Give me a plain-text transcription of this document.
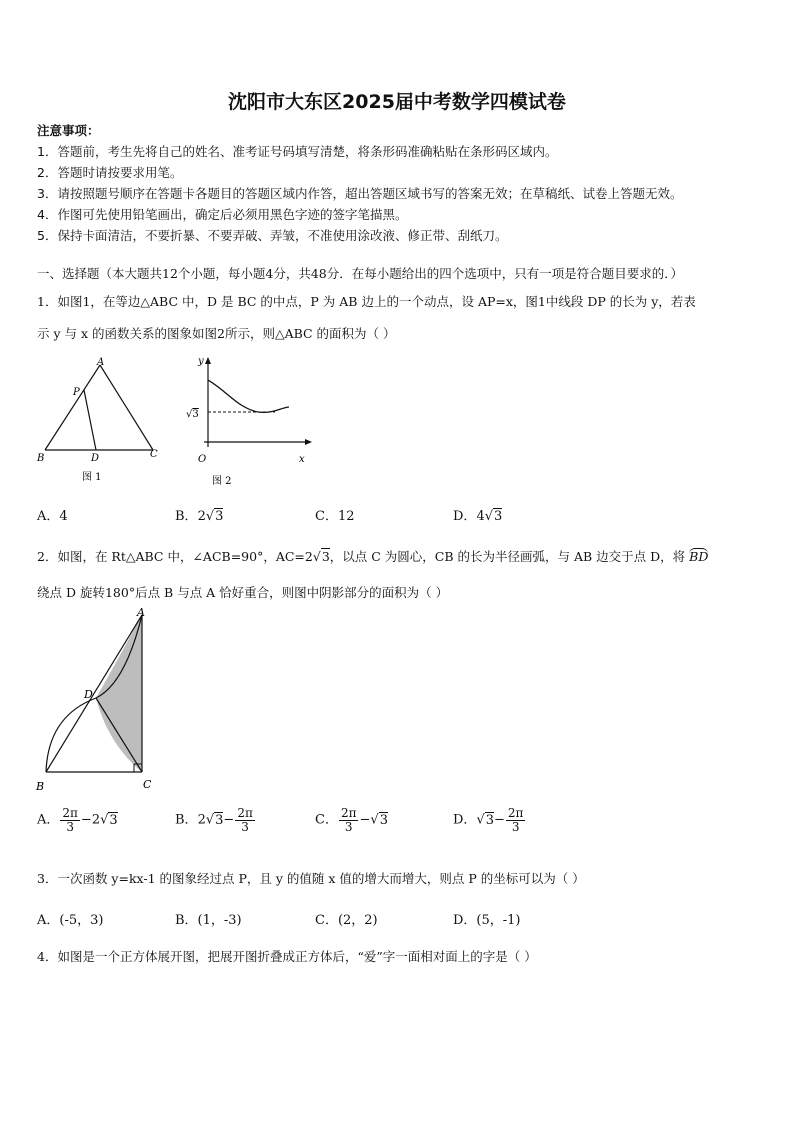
沈阳市大东区2025届中考数学四模试卷
注意事项：
1．答题前，考生先将自己的姓名、准考证号码填写清楚，将条形码准确粘贴在条形码区域内。
2．答题时请按要求用笔。
3．请按照题号顺序在答题卡各题目的答题区域内作答，超出答题区域书写的答案无效；在草稿纸、试卷上答题无效。
4．作图可先使用铅笔画出，确定后必须用黑色字迹的签字笔描黑。
5．保持卡面清洁，不要折暴、不要弄破、弄皱，不准使用涂改液、修正带、刮纸刀。
一、选择题（本大题共12个小题，每小题4分，共48分．在每小题给出的四个选项中，只有一项是符合题目要求的．）
1．如图1，在等边△ABC 中，D 是 BC 的中点，P 为 AB 边上的一个动点，设 AP=x，图1中线段 DP 的长为 y，若表
示 y 与 x 的函数关系的图象如图2所示，则△ABC 的面积为（ ）
A
P
B	D	C
图 1
y
√3
O	x
图 2
A．4	B．2√3	C．12	D．4√3
2．如图，在 Rt△ABC 中，∠ACB=90°，AC=2√3，以点 C 为圆心，CB 的长为半径画弧，与 AB 边交于点 D，将 BD
绕点 D 旋转180°后点 B 与点 A 恰好重合，则图中阴影部分的面积为（ ）
A
D
B	C
A． $\frac{2\pi}{3} -2√3$	B．$2√3- \frac{2\pi}{3}$	C． $\frac{2\pi}{3} -√3$	D．$√3- \frac{2\pi}{3}$
3．一次函数 y=kx-1 的图象经过点 P，且 y 的值随 x 值的增大而增大，则点 P 的坐标可以为（ ）
A．(-5，3)	B．(1，-3)	C．(2，2)	D．(5，-1)
4．如图是一个正方体展开图，把展开图折叠成正方体后，“爱”字一面相对面上的字是（ ）
